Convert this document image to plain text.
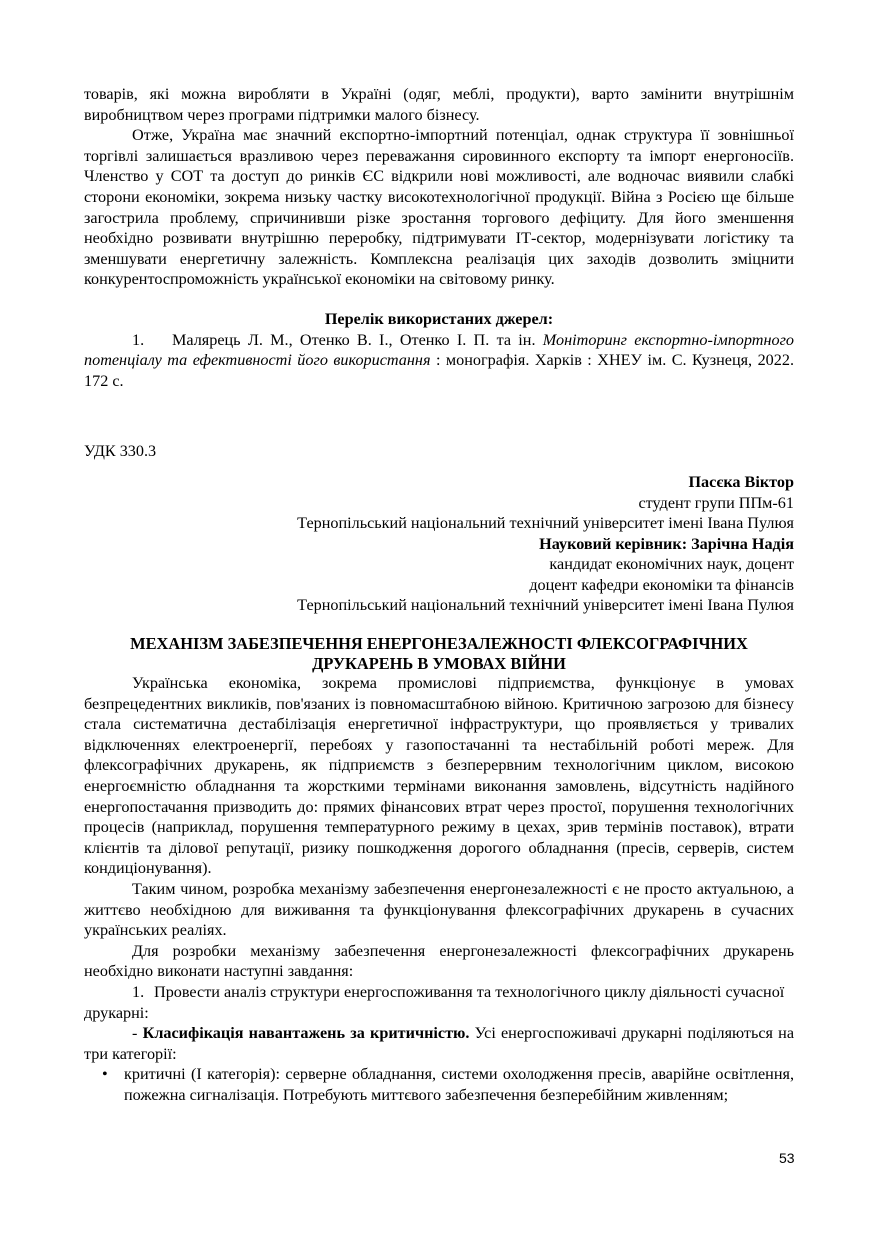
товарів, які можна виробляти в Україні (одяг, меблі, продукти), варто замінити внутрішнім виробництвом через програми підтримки малого бізнесу.

Отже, Україна має значний експортно-імпортний потенціал, однак структура її зовнішньої торгівлі залишається вразливою через переважання сировинного експорту та імпорт енергоносіїв. Членство у СОТ та доступ до ринків ЄС відкрили нові можливості, але водночас виявили слабкі сторони економіки, зокрема низьку частку високотехнологічної продукції. Війна з Росією ще більше загострила проблему, спричинивши різке зростання торгового дефіциту. Для його зменшення необхідно розвивати внутрішню переробку, підтримувати ІТ-сектор, модернізувати логістику та зменшувати енергетичну залежність. Комплексна реалізація цих заходів дозволить зміцнити конкурентоспроможність української економіки на світовому ринку.

Перелік використаних джерел:

1. Малярець Л. М., Отенко В. І., Отенко І. П. та ін. Моніторинг експортно-імпортного потенціалу та ефективності його використання : монографія. Харків : ХНЕУ ім. С. Кузнеця, 2022. 172 с.

УДК 330.3

Пасєка Віктор

студент групи ППм-61

Тернопільський національний технічний університет імені Івана Пулюя

Науковий керівник: Зарічна Надія

кандидат економічних наук, доцент

доцент кафедри економіки та фінансів

Тернопільський національний технічний університет імені Івана Пулюя

МЕХАНІЗМ ЗАБЕЗПЕЧЕННЯ ЕНЕРГОНЕЗАЛЕЖНОСТІ ФЛЕКСОГРАФІЧНИХ

ДРУКАРЕНЬ В УМОВАХ ВІЙНИ

Українська економіка, зокрема промислові підприємства, функціонує в умовах безпрецедентних викликів, пов'язаних із повномасштабною війною. Критичною загрозою для бізнесу стала систематична дестабілізація енергетичної інфраструктури, що проявляється у тривалих відключеннях електроенергії, перебоях у газопостачанні та нестабільній роботі мереж. Для флексографічних друкарень, як підприємств з безперервним технологічним циклом, високою енергоємністю обладнання та жорсткими термінами виконання замовлень, відсутність надійного енергопостачання призводить до: прямих фінансових втрат через простої, порушення технологічних процесів (наприклад, порушення температурного режиму в цехах, зрив термінів поставок), втрати клієнтів та ділової репутації, ризику пошкодження дорогого обладнання (пресів, серверів, систем кондиціонування).

Таким чином, розробка механізму забезпечення енергонезалежності є не просто актуальною, а життєво необхідною для виживання та функціонування флексографічних друкарень в сучасних українських реаліях.

Для розробки механізму забезпечення енергонезалежності флексографічних друкарень необхідно виконати наступні завдання:

1. Провести аналіз структури енергоспоживання та технологічного циклу діяльності сучасної друкарні:

- Класифікація навантажень за критичністю. Усі енергоспоживачі друкарні поділяються на три категорії:

• критичні (І категорія): серверне обладнання, системи охолодження пресів, аварійне освітлення, пожежна сигналізація. Потребують миттєвого забезпечення безперебійним живленням;

53
